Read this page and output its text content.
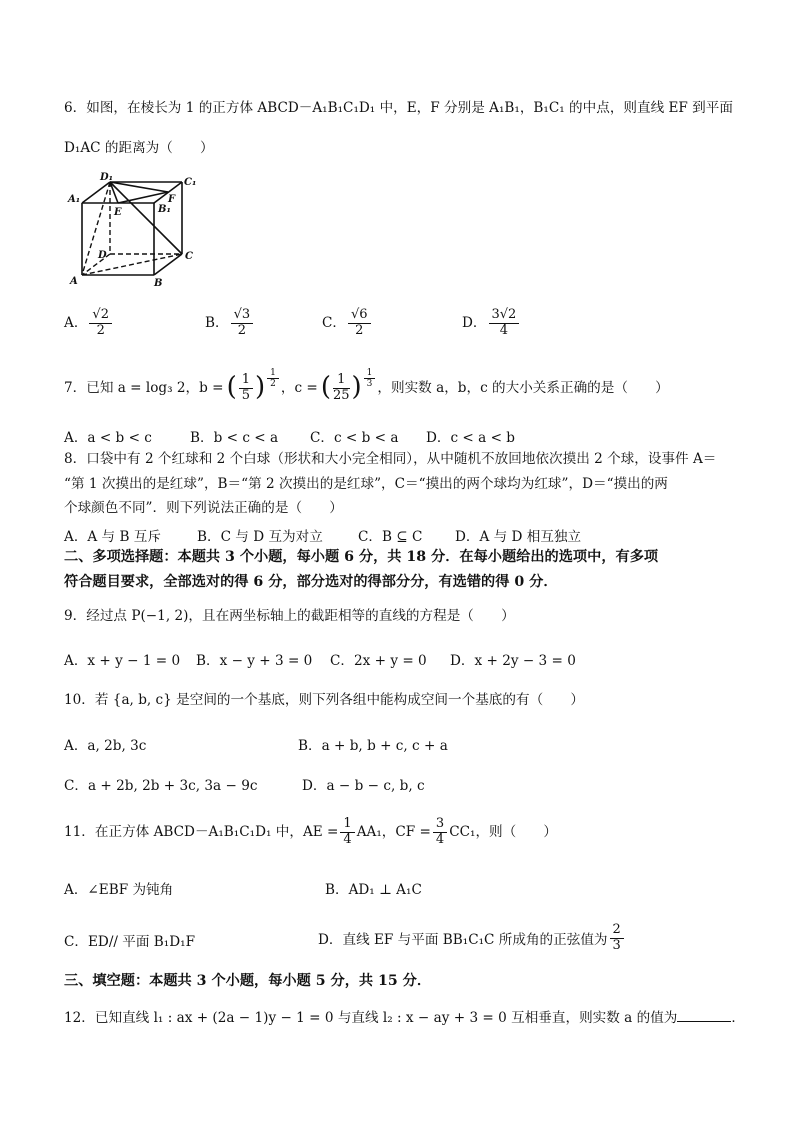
6．如图，在棱长为 1 的正方体 ABCD－A₁B₁C₁D₁ 中，E，F 分别是 A₁B₁，B₁C₁ 的中点，则直线 EF 到平面
D₁AC 的距离为（　　）
D₁	C₁
A₁
B₁
E
F
D	C
A	B
A． $\frac{√2}{2}$	B． $\frac{√3}{2}$	C． $\frac{√6}{2}$	D． $\frac{3√2}{4}$
7．已知 a = log₃ 2，b = ( $\frac{1}{5}$ ) $\frac{1}{2}$ ，c = ( $\frac{1}{25}$ ) $\frac{1}{3}$ ，则实数 a，b，c 的大小关系正确的是（　　）
A．a < b < c	B．b < c < a C．c < b < a D．c < a < b
8．口袋中有 2 个红球和 2 个白球（形状和大小完全相同），从中随机不放回地依次摸出 2 个球，设事件 A＝
“第 1 次摸出的是红球”，B＝“第 2 次摸出的是红球”，C＝“摸出的两个球均为红球”，D＝“摸出的两
个球颜色不同”．则下列说法正确的是（　　）
A．A 与 B 互斥	B．C 与 D 互为对立	C．B ⊆ C D．A 与 D 相互独立
二、多项选择题：本题共 3 个小题，每小题 6 分，共 18 分．在每小题给出的选项中，有多项
符合题目要求，全部选对的得 6 分，部分选对的得部分分，有选错的得 0 分．
9．经过点 P(−1, 2)，且在两坐标轴上的截距相等的直线的方程是（　　）
A．x + y − 1 = 0 B．x − y + 3 = 0 C．2x + y = 0 D．x + 2y − 3 = 0
10．若 {a, b, c} 是空间的一个基底，则下列各组中能构成空间一个基底的有（　　）
A．a, 2b, 3c	B．a + b, b + c, c + a
C．a + 2b, 2b + 3c, 3a − 9c	D．a − b − c, b, c
11．在正方体 ABCD－A₁B₁C₁D₁ 中，AE = $\frac{1}{4} AA_1$，CF = $\frac{3}{4} CC_1$，则（　　）
A．∠EBF 为钝角	B．AD₁ ⊥ A₁C
C．ED// 平面 B₁D₁F	D．直线 EF 与平面 BB₁C₁C 所成角的正弦值为 $\frac{2}{3}$
三、填空题：本题共 3 个小题，每小题 5 分，共 15 分．
12．已知直线 l₁ : ax + (2a − 1)y − 1 = 0 与直线 l₂ : x − ay + 3 = 0 互相垂直，则实数 a 的值为	．
